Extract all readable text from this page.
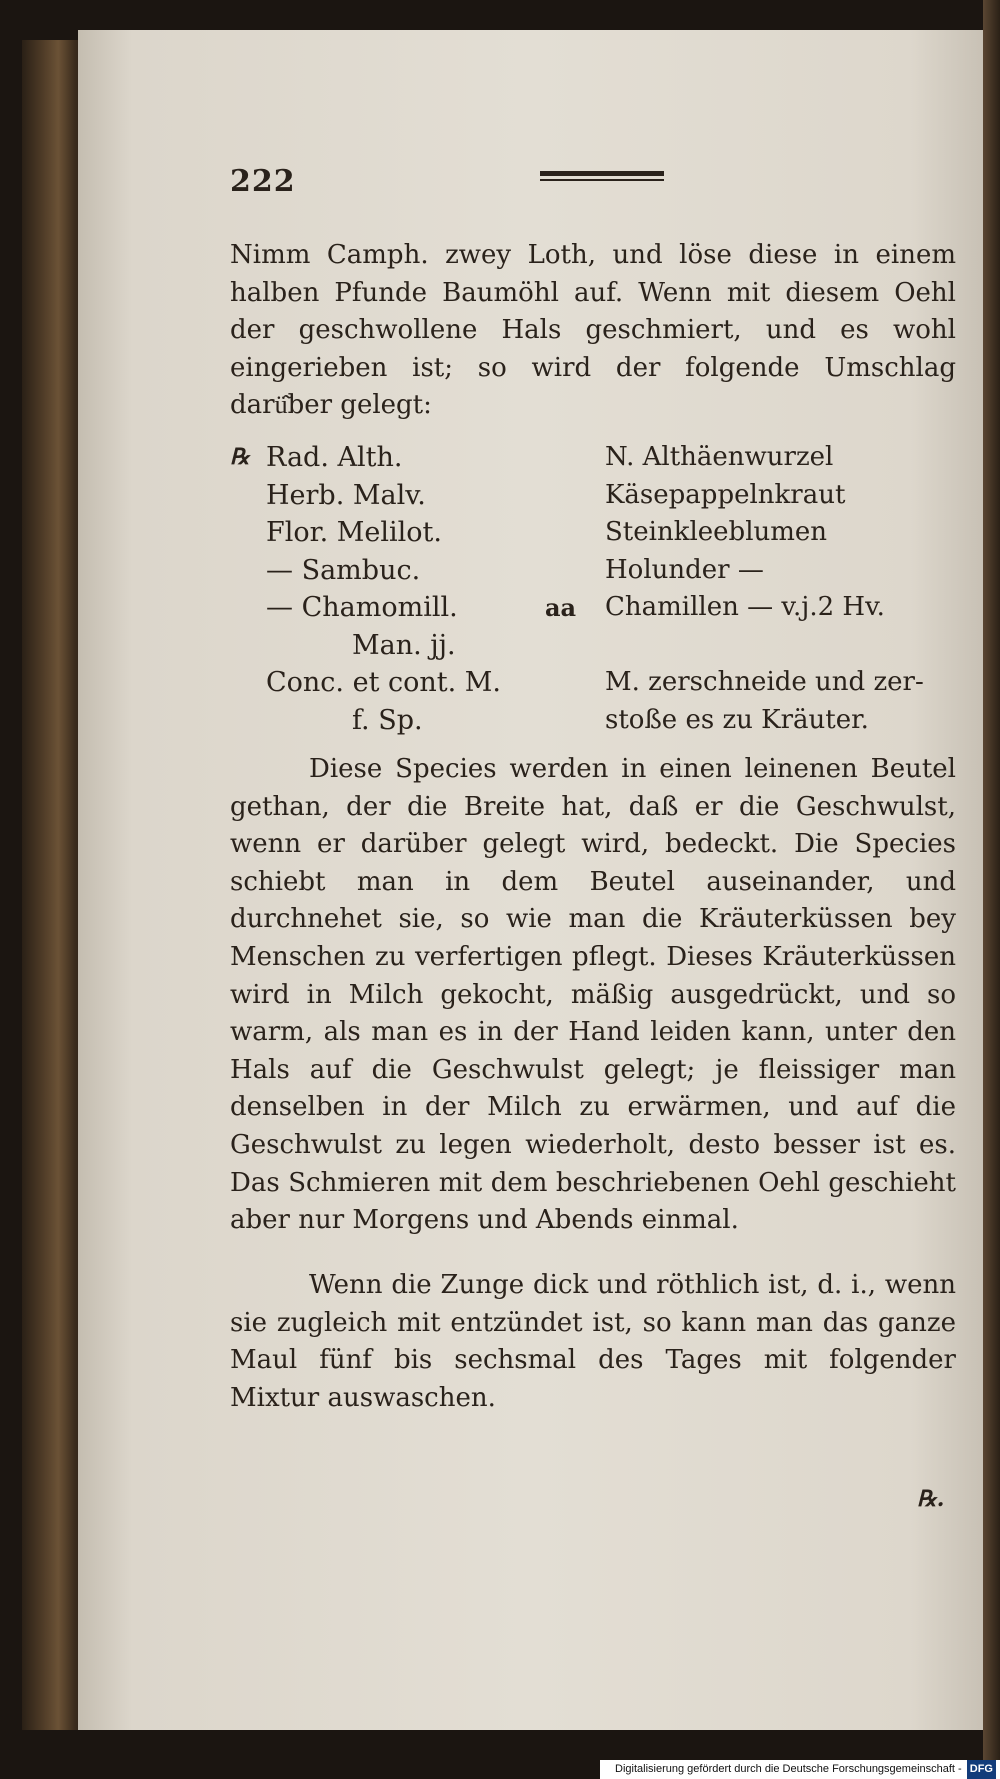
222

Nimm Camph. zwey Loth, und löse diese in einem halben Pfunde Baumöhl auf. Wenn mit diesem Oehl der geschwollene Hals geschmiert, und es wohl eingerieben ist; so wird der folgende Umschlag darü͂ber gelegt:

℞ Rad. Alth.
Herb. Malv.
Flor. Melilot.
— Sambuc.
— Chamomill.	aa
Man. jj.
Conc. et cont. M.
f. Sp.
N. Althäenwurzel
Käsepappelnkraut
Steinkleeblumen
Holunder —
Chamillen — v.j.2 Hv.
M. zerschneide und zer-
stoße es zu Kräuter.

Diese Species werden in einen leinenen Beutel gethan, der die Breite hat, daß er die Geschwulst, wenn er darüber gelegt wird, bedeckt. Die Species schiebt man in dem Beutel auseinander, und durchnehet sie, so wie man die Kräuterküssen bey Menschen zu verfertigen pflegt. Dieses Kräuterküssen wird in Milch gekocht, mäßig ausgedrückt, und so warm, als man es in der Hand leiden kann, unter den Hals auf die Geschwulst gelegt; je fleissiger man denselben in der Milch zu erwärmen, und auf die Geschwulst zu legen wiederholt, desto besser ist es. Das Schmieren mit dem beschriebenen Oehl geschieht aber nur Morgens und Abends einmal.

Wenn die Zunge dick und röthlich ist, d. i., wenn sie zugleich mit entzündet ist, so kann man das ganze Maul fünf bis sechsmal des Tages mit folgender Mixtur auswaschen.

℞.
Digitalisierung gefördert durch die Deutsche Forschungsgemeinschaft - DFG
